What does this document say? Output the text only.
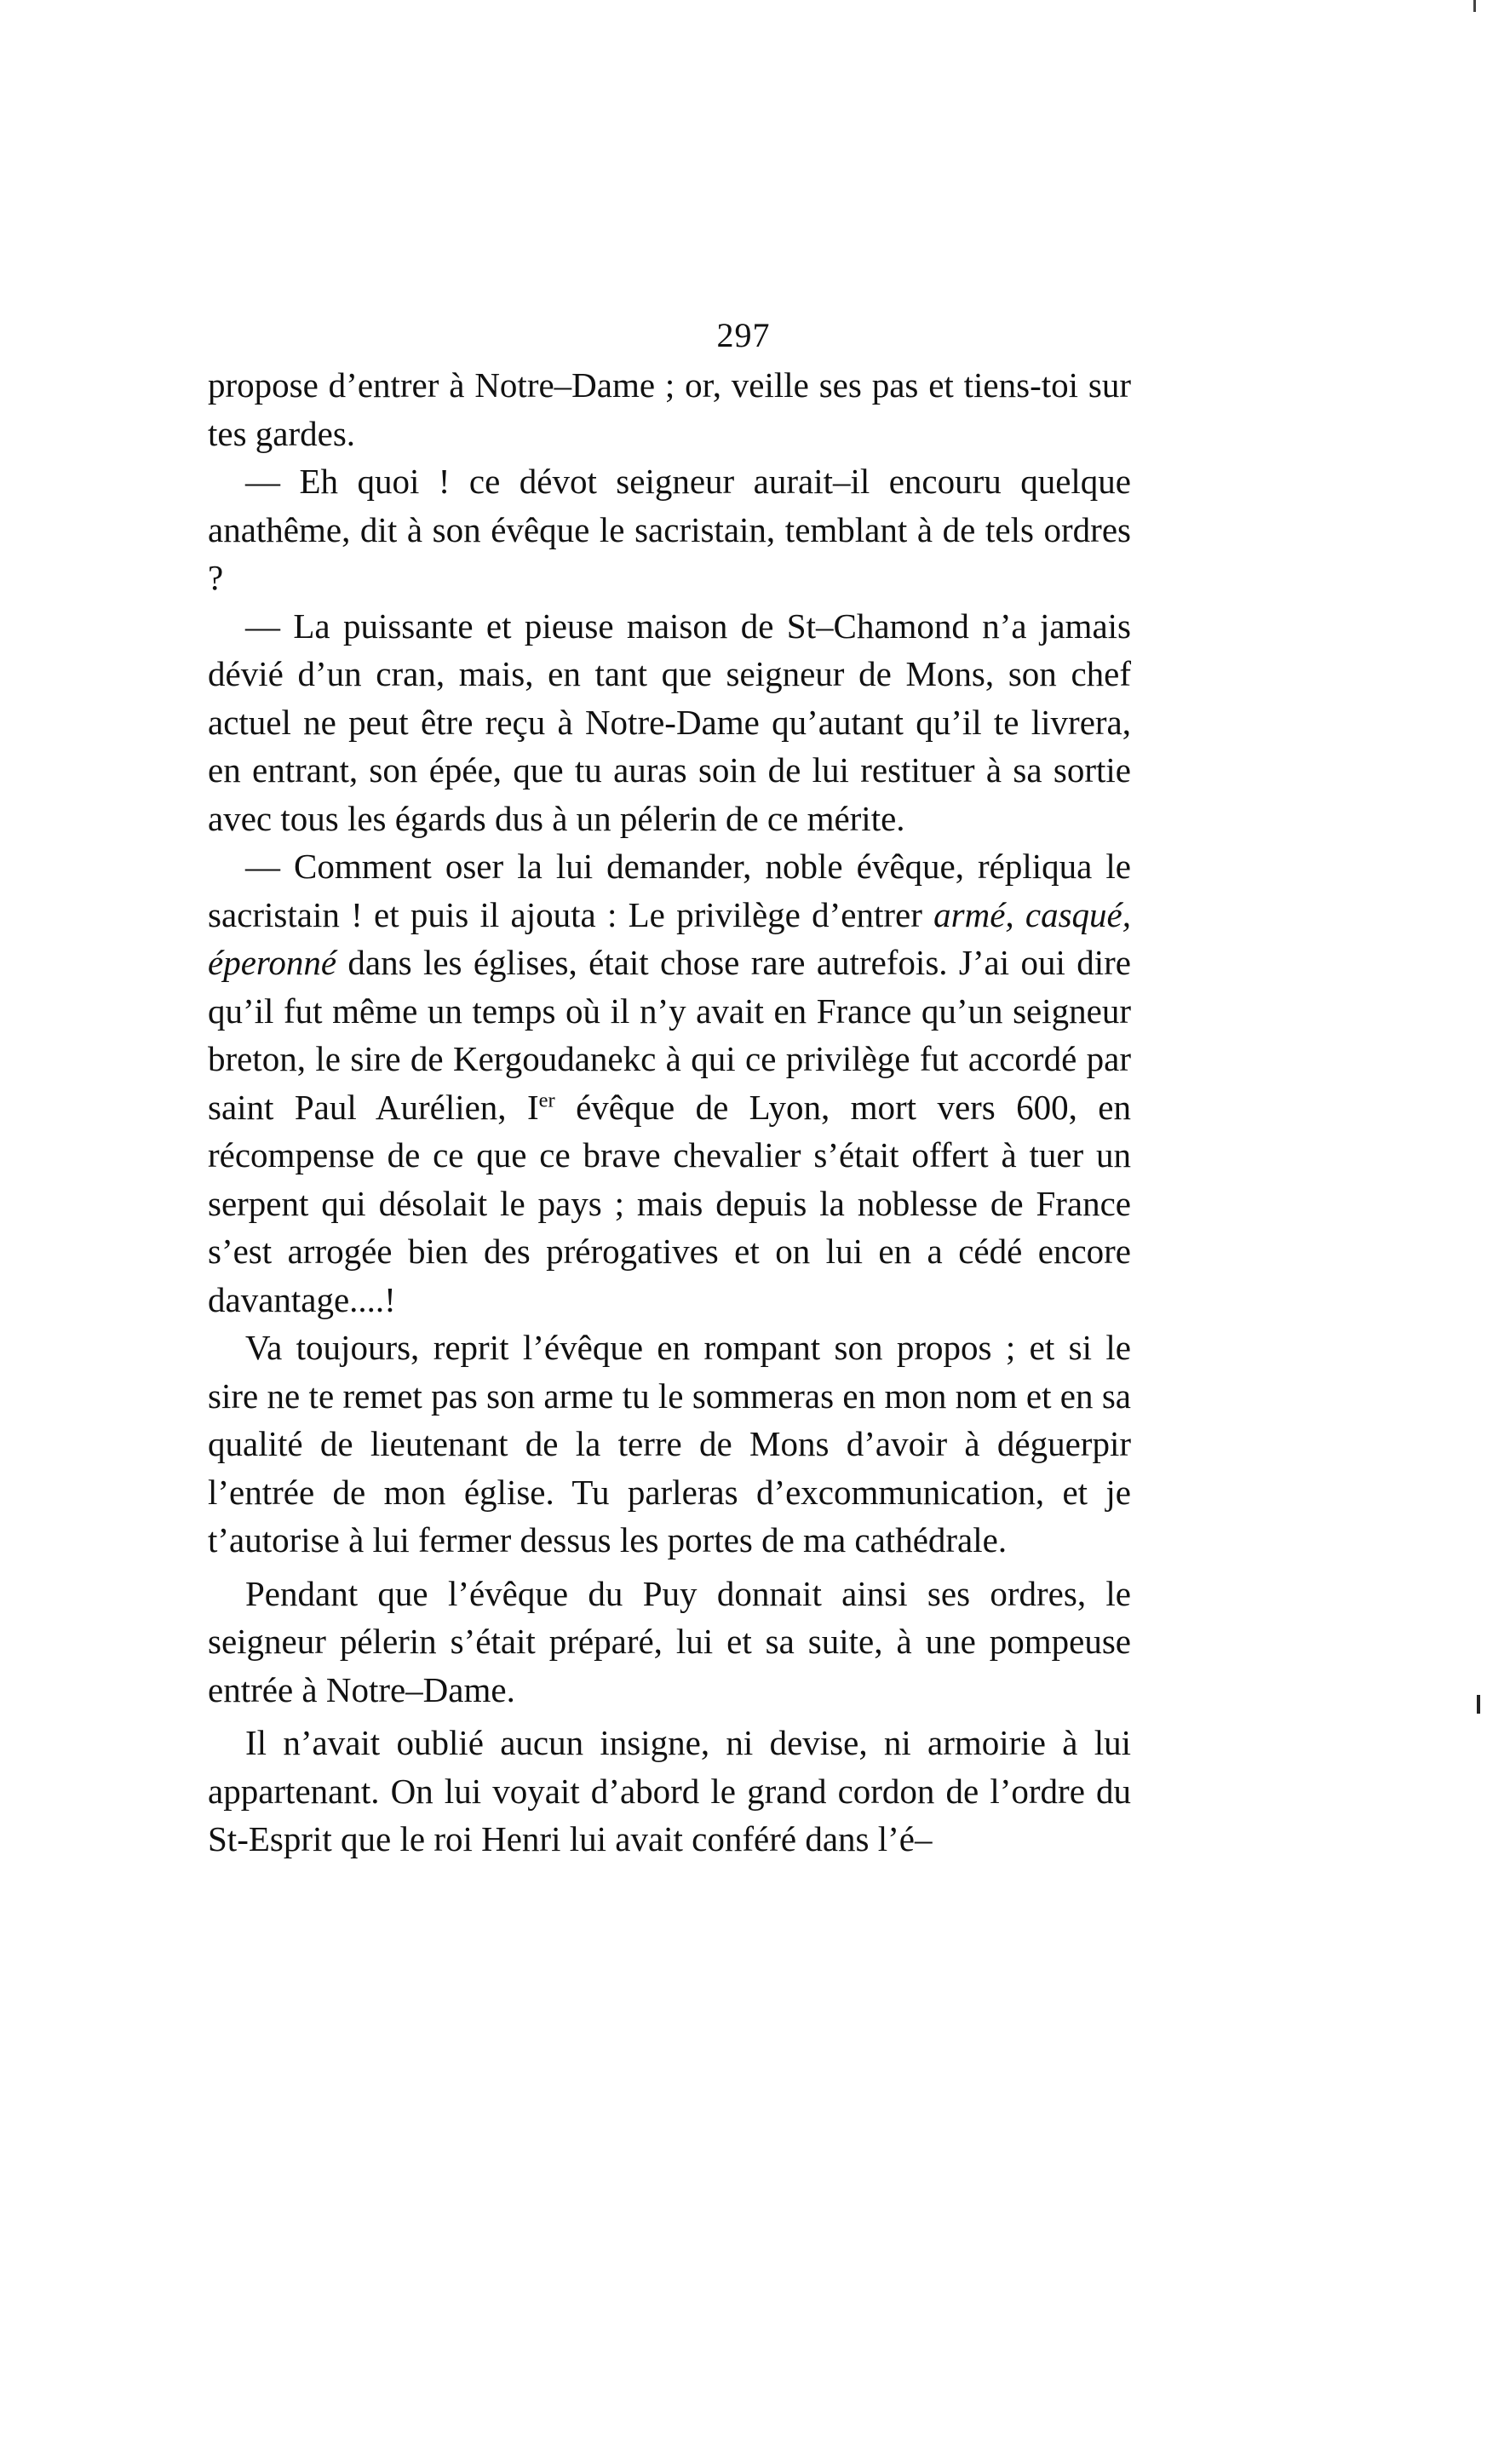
297

propose d’entrer à Notre–Dame ; or, veille ses pas et tiens-toi sur tes gardes.

— Eh quoi ! ce dévot seigneur aurait–il encouru quelque anathême, dit à son évêque le sacristain, temblant à de tels ordres ?

— La puissante et pieuse maison de St–Chamond n’a jamais dévié d’un cran, mais, en tant que seigneur de Mons, son chef actuel ne peut être reçu à Notre-Dame qu’autant qu’il te livrera, en entrant, son épée, que tu auras soin de lui restituer à sa sortie avec tous les égards dus à un pélerin de ce mérite.

— Comment oser la lui demander, noble évêque, répliqua le sacristain ! et puis il ajouta : Le privilège d’entrer armé, casqué, éperonné dans les églises, était chose rare autrefois. J’ai oui dire qu’il fut même un temps où il n’y avait en France qu’un seigneur breton, le sire de Kergoudanekc à qui ce privilège fut accordé par saint Paul Aurélien, Ier évêque de Lyon, mort vers 600, en récompense de ce que ce brave chevalier s’était offert à tuer un serpent qui désolait le pays ; mais depuis la noblesse de France s’est arrogée bien des prérogatives et on lui en a cédé encore davantage....!

Va toujours, reprit l’évêque en rompant son propos ; et si le sire ne te remet pas son arme tu le sommeras en mon nom et en sa qualité de lieutenant de la terre de Mons d’avoir à déguerpir l’entrée de mon église. Tu parleras d’excommunication, et je t’autorise à lui fermer dessus les portes de ma cathédrale.

Pendant que l’évêque du Puy donnait ainsi ses ordres, le seigneur pélerin s’était préparé, lui et sa suite, à une pompeuse entrée à Notre–Dame.

Il n’avait oublié aucun insigne, ni devise, ni armoirie à lui appartenant. On lui voyait d’abord le grand cordon de l’ordre du St-Esprit que le roi Henri lui avait conféré dans l’é–
